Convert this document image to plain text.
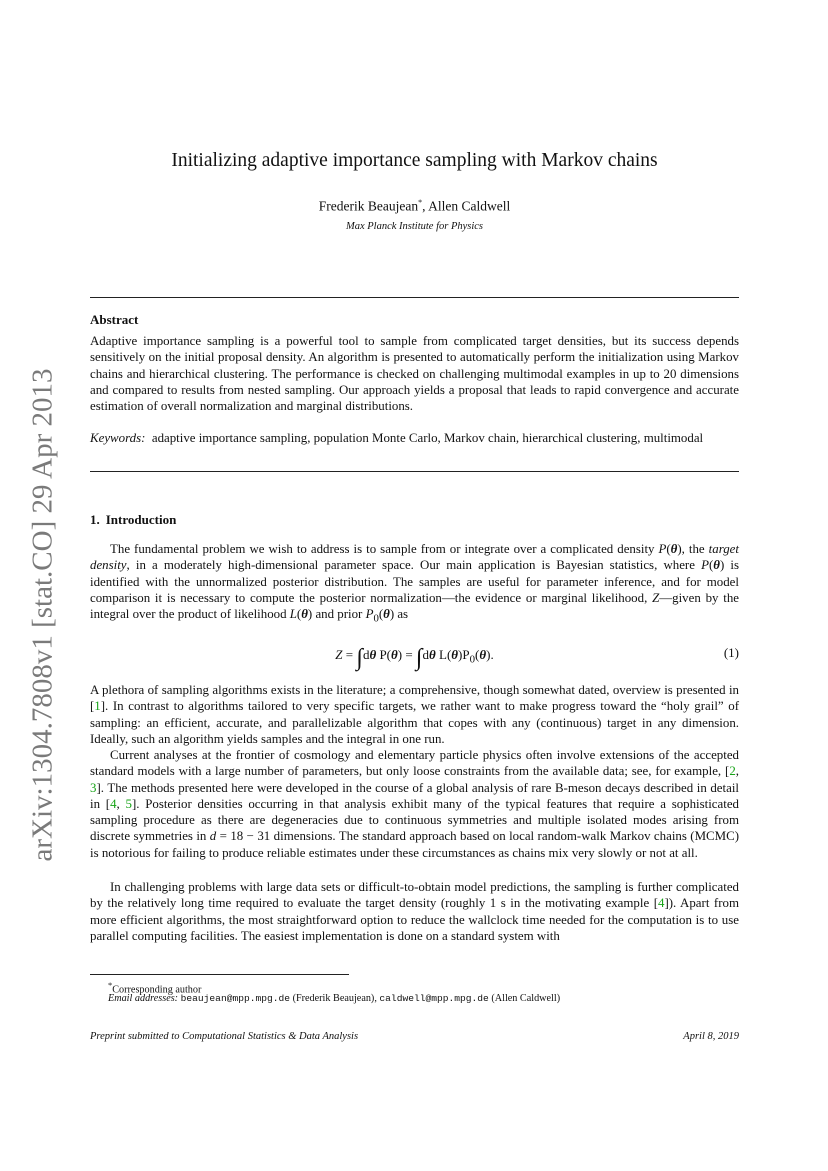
arXiv:1304.7808v1 [stat.CO] 29 Apr 2013
Initializing adaptive importance sampling with Markov chains
Frederik Beaujean*, Allen Caldwell
Max Planck Institute for Physics
Abstract
Adaptive importance sampling is a powerful tool to sample from complicated target densities, but its success depends sensitively on the initial proposal density. An algorithm is presented to automatically perform the initialization using Markov chains and hierarchical clustering. The performance is checked on challenging multimodal examples in up to 20 dimensions and compared to results from nested sampling. Our approach yields a proposal that leads to rapid convergence and accurate estimation of overall normalization and marginal distributions.
Keywords: adaptive importance sampling, population Monte Carlo, Markov chain, hierarchical clustering, multimodal
1. Introduction
The fundamental problem we wish to address is to sample from or integrate over a complicated density P(θ), the target density, in a moderately high-dimensional parameter space. Our main application is Bayesian statistics, where P(θ) is identified with the unnormalized posterior distribution. The samples are useful for parameter inference, and for model comparison it is necessary to compute the posterior normalization—the evidence or marginal likelihood, Z—given by the integral over the product of likelihood L(θ) and prior $P_0(\theta)$ as
Z = ∫dθ P(θ) = ∫dθ $L(\theta)P_0(\theta)$.	(1)
A plethora of sampling algorithms exists in the literature; a comprehensive, though somewhat dated, overview is presented in [1]. In contrast to algorithms tailored to very specific targets, we rather want to make progress toward the “holy grail” of sampling: an efficient, accurate, and parallelizable algorithm that copes with any (continuous) target in any dimension. Ideally, such an algorithm yields samples and the integral in one run.
Current analyses at the frontier of cosmology and elementary particle physics often involve extensions of the accepted standard models with a large number of parameters, but only loose constraints from the available data; see, for example, [2, 3]. The methods presented here were developed in the course of a global analysis of rare B-meson decays described in detail in [4, 5]. Posterior densities occurring in that analysis exhibit many of the typical features that require a sophisticated sampling procedure as there are degeneracies due to continuous symmetries and multiple isolated modes arising from discrete symmetries in d = 18 − 31 dimensions. The standard approach based on local random-walk Markov chains (MCMC) is notorious for failing to produce reliable estimates under these circumstances as chains mix very slowly or not at all.
In challenging problems with large data sets or difficult-to-obtain model predictions, the sampling is further complicated by the relatively long time required to evaluate the target density (roughly 1 s in the motivating example [4]). Apart from more efficient algorithms, the most straightforward option to reduce the wallclock time needed for the computation is to use parallel computing facilities. The easiest implementation is done on a standard system with
*Corresponding author
Email addresses: beaujean@mpp.mpg.de (Frederik Beaujean), caldwell@mpp.mpg.de (Allen Caldwell)
Preprint submitted to Computational Statistics & Data Analysis	April 8, 2019
